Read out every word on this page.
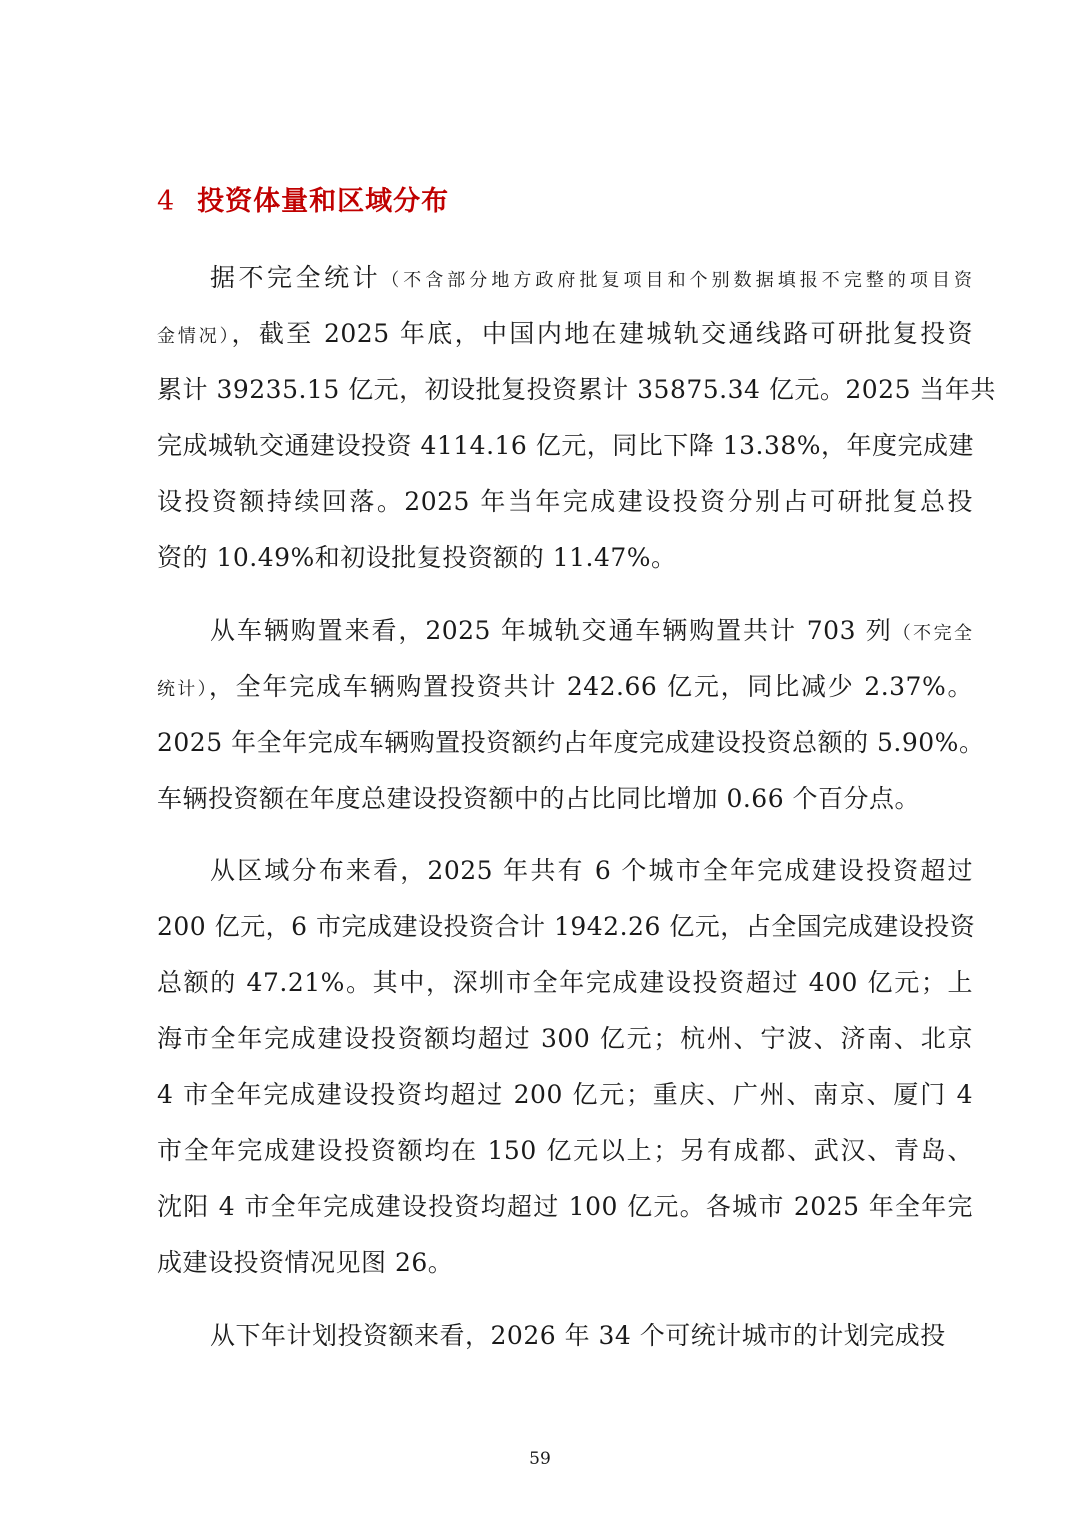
4 投资体量和区域分布
据不完全统计（不含部分地方政府批复项目和个别数据填报不完整的项目资
金情况），截至 2025 年底，中国内地在建城轨交通线路可研批复投资
累计 39235.15 亿元，初设批复投资累计 35875.34 亿元。2025 当年共
完成城轨交通建设投资 4114.16 亿元，同比下降 13.38%，年度完成建
设投资额持续回落。2025 年当年完成建设投资分别占可研批复总投
资的 10.49%和初设批复投资额的 11.47%。
从车辆购置来看，2025 年城轨交通车辆购置共计 703 列（不完全
统计），全年完成车辆购置投资共计 242.66 亿元，同比减少 2.37%。
2025 年全年完成车辆购置投资额约占年度完成建设投资总额的 5.90%。
车辆投资额在年度总建设投资额中的占比同比增加 0.66 个百分点。
从区域分布来看，2025 年共有 6 个城市全年完成建设投资超过
200 亿元，6 市完成建设投资合计 1942.26 亿元，占全国完成建设投资
总额的 47.21%。其中，深圳市全年完成建设投资超过 400 亿元；上
海市全年完成建设投资额均超过 300 亿元；杭州、宁波、济南、北京
4 市全年完成建设投资均超过 200 亿元；重庆、广州、南京、厦门 4
市全年完成建设投资额均在 150 亿元以上；另有成都、武汉、青岛、
沈阳 4 市全年完成建设投资均超过 100 亿元。各城市 2025 年全年完
成建设投资情况见图 26。
从下年计划投资额来看，2026 年 34 个可统计城市的计划完成投
59
